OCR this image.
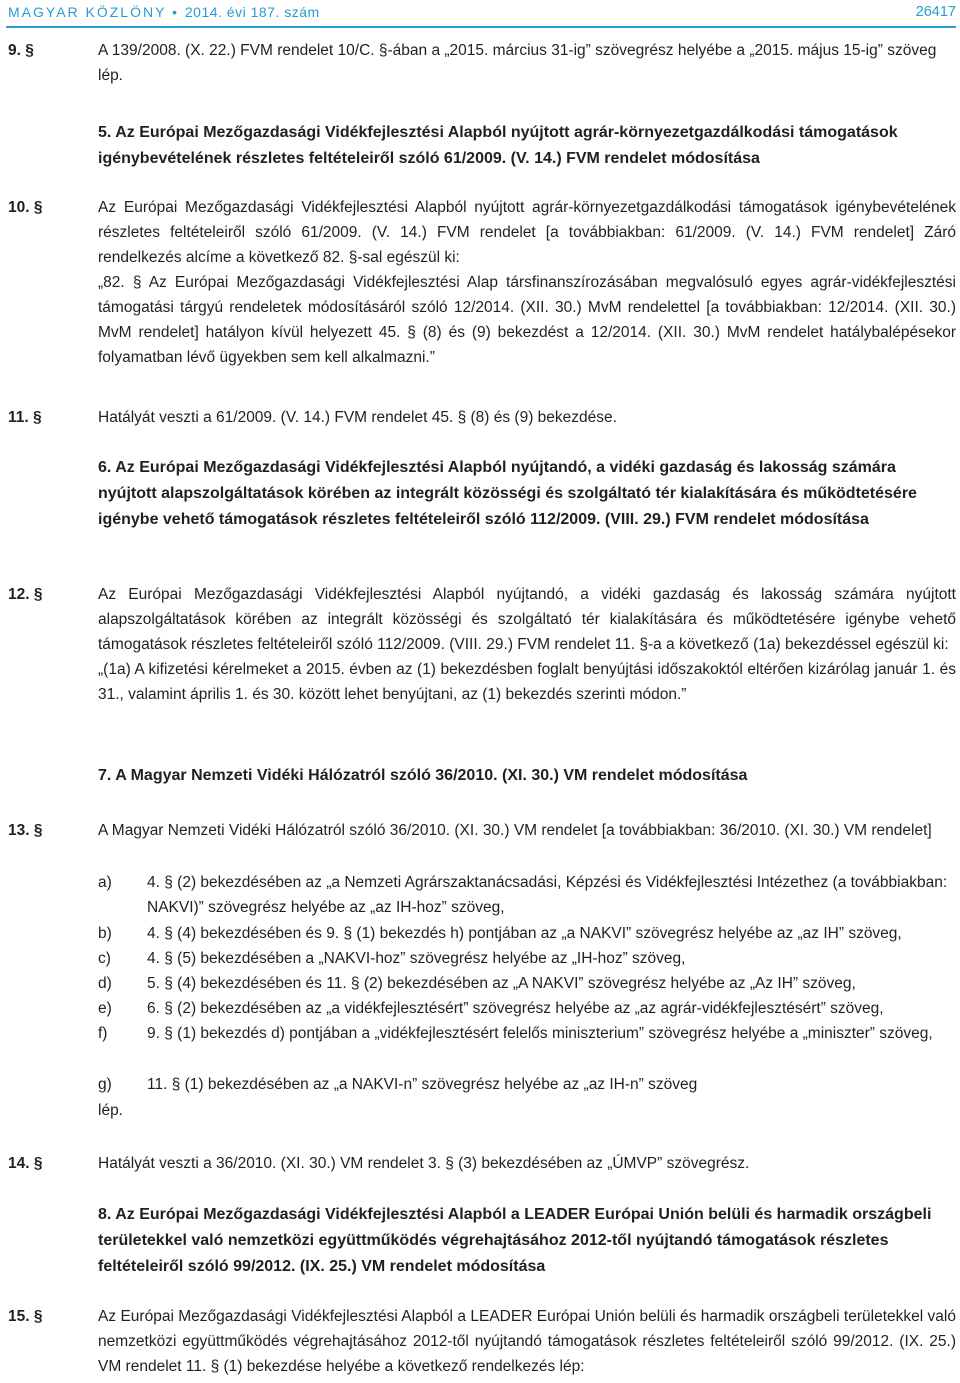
MAGYAR KÖZLÖNY • 2014. évi 187. szám	26417
9. §	A 139/2008. (X. 22.) FVM rendelet 10/C. §-ában a „2015. március 31-ig” szövegrész helyébe a „2015. május 15-ig” szöveg lép.
5. Az Európai Mezőgazdasági Vidékfejlesztési Alapból nyújtott agrár-környezetgazdálkodási támogatások igénybevételének részletes feltételeiről szóló 61/2009. (V. 14.) FVM rendelet módosítása
10. §	Az Európai Mezőgazdasági Vidékfejlesztési Alapból nyújtott agrár-környezetgazdálkodási támogatások igénybevételének részletes feltételeiről szóló 61/2009. (V. 14.) FVM rendelet [a továbbiakban: 61/2009. (V. 14.) FVM rendelet] Záró rendelkezés alcíme a következő 82. §-sal egészül ki:
„82. § Az Európai Mezőgazdasági Vidékfejlesztési Alap társfinanszírozásában megvalósuló egyes agrár-vidékfejlesztési támogatási tárgyú rendeletek módosításáról szóló 12/2014. (XII. 30.) MvM rendelettel [a továbbiakban: 12/2014. (XII. 30.) MvM rendelet] hatályon kívül helyezett 45. § (8) és (9) bekezdést a 12/2014. (XII. 30.) MvM rendelet hatálybalépésekor folyamatban lévő ügyekben sem kell alkalmazni.”
11. §	Hatályát veszti a 61/2009. (V. 14.) FVM rendelet 45. § (8) és (9) bekezdése.
6. Az Európai Mezőgazdasági Vidékfejlesztési Alapból nyújtandó, a vidéki gazdaság és lakosság számára nyújtott alapszolgáltatások körében az integrált közösségi és szolgáltató tér kialakítására és működtetésére igénybe vehető támogatások részletes feltételeiről szóló 112/2009. (VIII. 29.) FVM rendelet módosítása
12. §	Az Európai Mezőgazdasági Vidékfejlesztési Alapból nyújtandó, a vidéki gazdaság és lakosság számára nyújtott alapszolgáltatások körében az integrált közösségi és szolgáltató tér kialakítására és működtetésére igénybe vehető támogatások részletes feltételeiről szóló 112/2009. (VIII. 29.) FVM rendelet 11. §-a a következő (1a) bekezdéssel egészül ki:
„(1a) A kifizetési kérelmeket a 2015. évben az (1) bekezdésben foglalt benyújtási időszakoktól eltérően kizárólag január 1. és 31., valamint április 1. és 30. között lehet benyújtani, az (1) bekezdés szerinti módon.”
7. A Magyar Nemzeti Vidéki Hálózatról szóló 36/2010. (XI. 30.) VM rendelet módosítása
13. §	A Magyar Nemzeti Vidéki Hálózatról szóló 36/2010. (XI. 30.) VM rendelet [a továbbiakban: 36/2010. (XI. 30.) VM rendelet]
a) 4. § (2) bekezdésében az „a Nemzeti Agrárszaktanácsadási, Képzési és Vidékfejlesztési Intézethez (a továbbiakban: NAKVI)” szövegrész helyébe az „az IH-hoz” szöveg,
b) 4. § (4) bekezdésében és 9. § (1) bekezdés h) pontjában az „a NAKVI” szövegrész helyébe az „az IH” szöveg,
c) 4. § (5) bekezdésében a „NAKVI-hoz” szövegrész helyébe az „IH-hoz” szöveg,
d) 5. § (4) bekezdésében és 11. § (2) bekezdésében az „A NAKVI” szövegrész helyébe az „Az IH” szöveg,
e) 6. § (2) bekezdésében az „a vidékfejlesztésért” szövegrész helyébe az „az agrár-vidékfejlesztésért” szöveg,
f)	9. § (1) bekezdés d) pontjában a „vidékfejlesztésért felelős miniszterium” szövegrész helyébe a „miniszter” szöveg,
g) 11. § (1) bekezdésében az „a NAKVI-n” szövegrész helyébe az „az IH-n” szöveg
lép.
14. §	Hatályát veszti a 36/2010. (XI. 30.) VM rendelet 3. § (3) bekezdésében az „ÚMVP” szövegrész.
8. Az Európai Mezőgazdasági Vidékfejlesztési Alapból a LEADER Európai Unión belüli és harmadik országbeli területekkel való nemzetközi együttműködés végrehajtásához 2012-től nyújtandó támogatások részletes feltételeiről szóló 99/2012. (IX. 25.) VM rendelet módosítása
15. §	Az Európai Mezőgazdasági Vidékfejlesztési Alapból a LEADER Európai Unión belüli és harmadik országbeli területekkel való nemzetközi együttműködés végrehajtásához 2012-től nyújtandó támogatások részletes feltételeiről szóló 99/2012. (IX. 25.) VM rendelet 11. § (1) bekezdése helyébe a következő rendelkezés lép:
